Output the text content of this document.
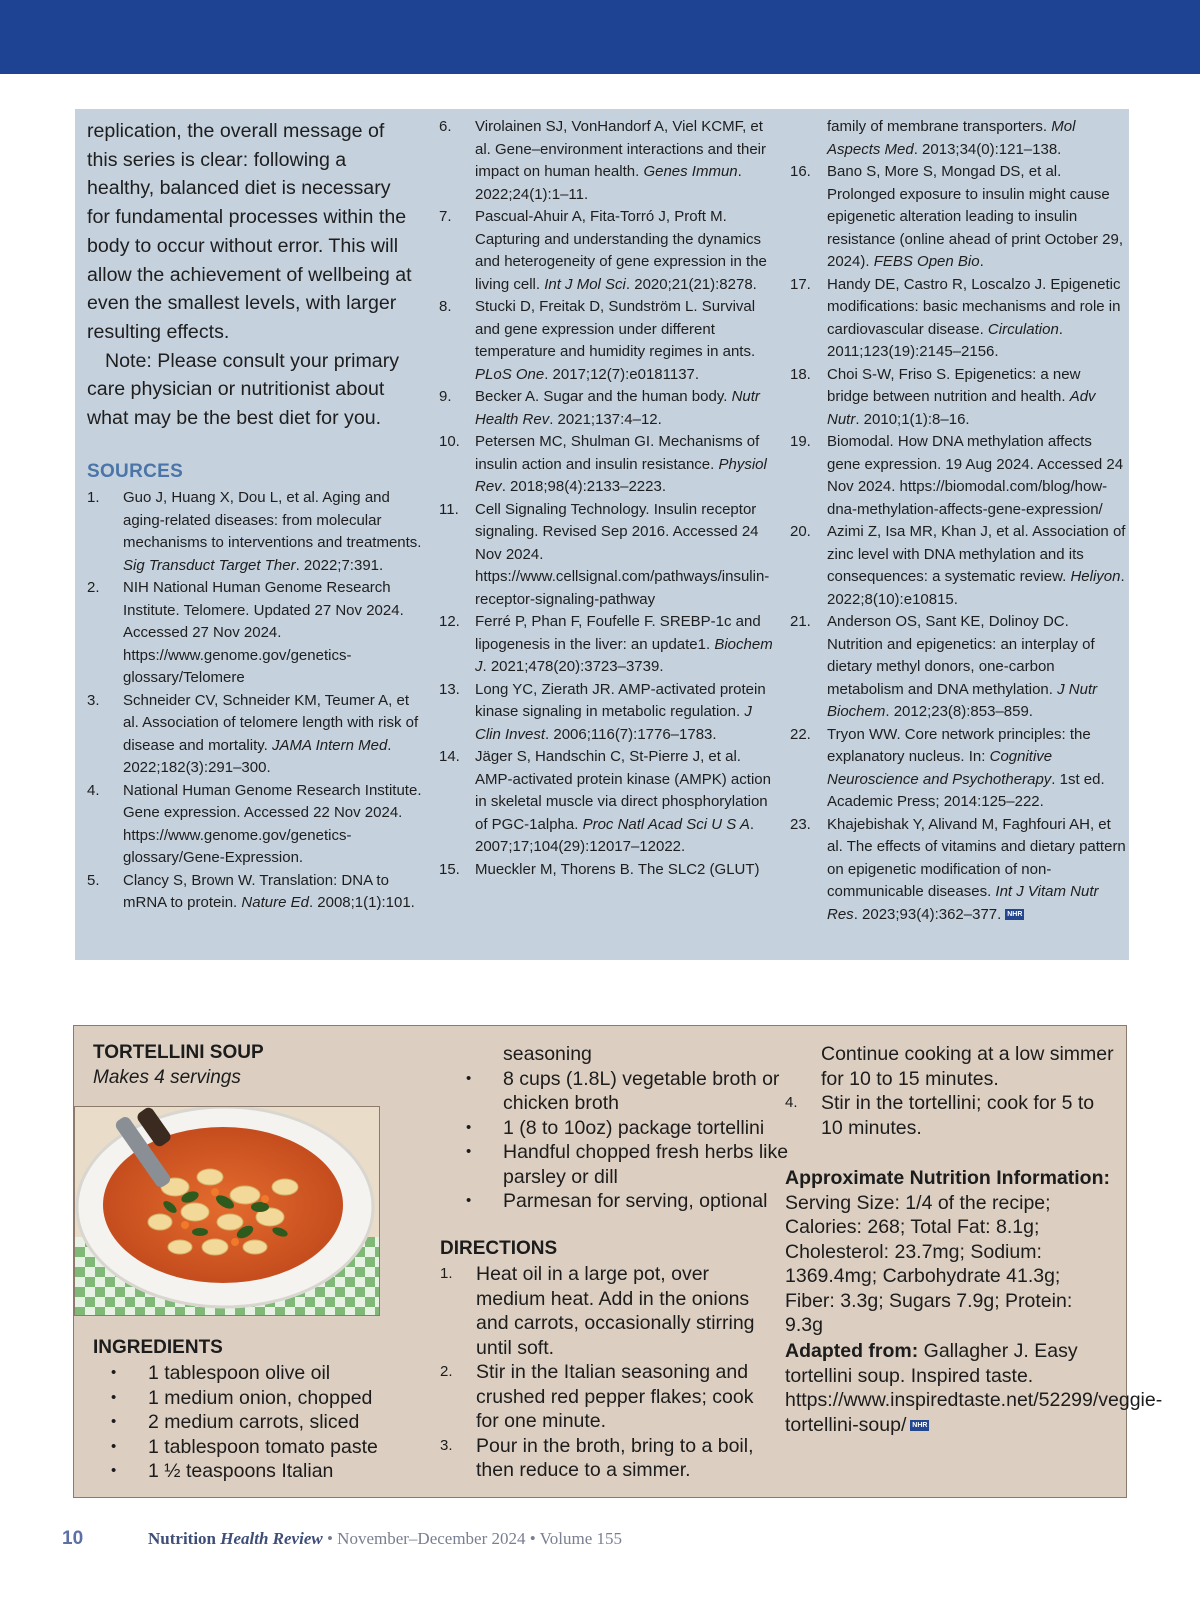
replication, the overall message of this series is clear: following a healthy, balanced diet is necessary for fundamental processes within the body to occur without error. This will allow the achievement of wellbeing at even the smallest levels, with larger resulting effects.

Note: Please consult your primary care physician or nutritionist about what may be the best diet for you.

SOURCES
1.	Guo J, Huang X, Dou L, et al. Aging and aging-related diseases: from molecular mechanisms to interventions and treatments. Sig Transduct Target Ther. 2022;7:391.
2.	NIH National Human Genome Research Institute. Telomere. Updated 27 Nov 2024. Accessed 27 Nov 2024. https://www.genome.gov/genetics-glossary/Telomere
3.	Schneider CV, Schneider KM, Teumer A, et al. Association of telomere length with risk of disease and mortality. JAMA Intern Med. 2022;182(3):291–300.
4.	National Human Genome Research Institute. Gene expression. Accessed 22 Nov 2024. https://www.genome.gov/genetics-glossary/Gene-Expression.
5.	Clancy S, Brown W. Translation: DNA to mRNA to protein. Nature Ed. 2008;1(1):101.
6.	Virolainen SJ, VonHandorf A, Viel KCMF, et al. Gene–environment interactions and their impact on human health. Genes Immun. 2022;24(1):1–11.
7.	Pascual-Ahuir A, Fita-Torró J, Proft M. Capturing and understanding the dynamics and heterogeneity of gene expression in the living cell. Int J Mol Sci. 2020;21(21):8278.
8.	Stucki D, Freitak D, Sundström L. Survival and gene expression under different temperature and humidity regimes in ants. PLoS One. 2017;12(7):e0181137.
9.	Becker A. Sugar and the human body. Nutr Health Rev. 2021;137:4–12.
10.	Petersen MC, Shulman GI. Mechanisms of insulin action and insulin resistance. Physiol Rev. 2018;98(4):2133–2223.
11.	Cell Signaling Technology. Insulin receptor signaling. Revised Sep 2016. Accessed 24 Nov 2024. https://www.cellsignal.com/pathways/insulin-receptor-signaling-pathway
12.	Ferré P, Phan F, Foufelle F. SREBP-1c and lipogenesis in the liver: an update1. Biochem J. 2021;478(20):3723–3739.
13.	Long YC, Zierath JR. AMP-activated protein kinase signaling in metabolic regulation. J Clin Invest. 2006;116(7):1776–1783.
14.	Jäger S, Handschin C, St-Pierre J, et al. AMP-activated protein kinase (AMPK) action in skeletal muscle via direct phosphorylation of PGC-1alpha. Proc Natl Acad Sci U S A. 2007;17;104(29):12017–12022.
15.	Mueckler M, Thorens B. The SLC2 (GLUT)
family of membrane transporters. Mol Aspects Med. 2013;34(0):121–138.
16.	Bano S, More S, Mongad DS, et al. Prolonged exposure to insulin might cause epigenetic alteration leading to insulin resistance (online ahead of print October 29, 2024). FEBS Open Bio.
17.	Handy DE, Castro R, Loscalzo J. Epigenetic modifications: basic mechanisms and role in cardiovascular disease. Circulation. 2011;123(19):2145–2156.
18.	Choi S-W, Friso S. Epigenetics: a new bridge between nutrition and health. Adv Nutr. 2010;1(1):8–16.
19.	Biomodal. How DNA methylation affects gene expression. 19 Aug 2024. Accessed 24 Nov 2024. https://biomodal.com/blog/how-dna-methylation-affects-gene-expression/
20.	Azimi Z, Isa MR, Khan J, et al. Association of zinc level with DNA methylation and its consequences: a systematic review. Heliyon. 2022;8(10):e10815.
21.	Anderson OS, Sant KE, Dolinoy DC. Nutrition and epigenetics: an interplay of dietary methyl donors, one-carbon metabolism and DNA methylation. J Nutr Biochem. 2012;23(8):853–859.
22.	Tryon WW. Core network principles: the explanatory nucleus. In: Cognitive Neuroscience and Psychotherapy. 1st ed. Academic Press; 2014:125–222.
23.	Khajebishak Y, Alivand M, Faghfouri AH, et al. The effects of vitamins and dietary pattern on epigenetic modification of non-communicable diseases. Int J Vitam Nutr Res. 2023;93(4):362–377. NHR
TORTELLINI SOUP
Makes 4 servings
INGREDIENTS
•	1 tablespoon olive oil
•	1 medium onion, chopped
•	2 medium carrots, sliced
•	1 tablespoon tomato paste
•	1 ½ teaspoons Italian
seasoning
•	8 cups (1.8L) vegetable broth or chicken broth
•	1 (8 to 10oz) package tortellini
•	Handful chopped fresh herbs like parsley or dill
•	Parmesan for serving, optional
DIRECTIONS
1.	Heat oil in a large pot, over medium heat. Add in the onions and carrots, occasionally stirring until soft.
2.	Stir in the Italian seasoning and crushed red pepper flakes; cook for one minute.
3.	Pour in the broth, bring to a boil, then reduce to a simmer.
Continue cooking at a low simmer for 10 to 15 minutes.
4.	Stir in the tortellini; cook for 5 to 10 minutes.
Approximate Nutrition Information: Serving Size: 1/4 of the recipe; Calories: 268; Total Fat: 8.1g; Cholesterol: 23.7mg; Sodium: 1369.4mg; Carbohydrate 41.3g; Fiber: 3.3g; Sugars 7.9g; Protein: 9.3g
Adapted from: Gallagher J. Easy tortellini soup. Inspired taste. https://www.inspiredtaste.net/52299/veggie-tortellini-soup/ NHR
10	Nutrition Health Review • November–December 2024 • Volume 155
